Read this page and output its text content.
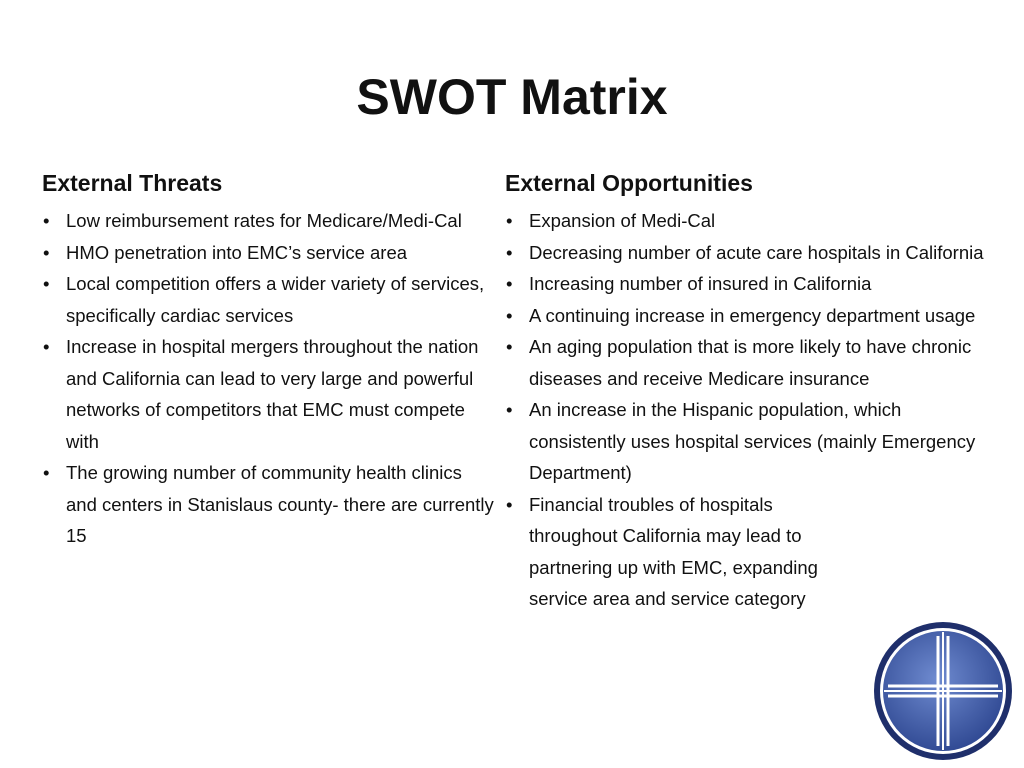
SWOT Matrix
External Threats
• Low reimbursement rates for Medicare/Medi-Cal
• HMO penetration into EMC’s service area
• Local competition offers a wider variety of services, specifically cardiac services
• Increase in hospital mergers throughout the nation and California can lead to very large and powerful networks of competitors that EMC must compete with
• The growing number of community health clinics and centers in Stanislaus county- there are currently 15
External Opportunities
• Expansion of Medi-Cal
• Decreasing number of acute care hospitals in California
• Increasing number of insured in California
• A continuing increase in emergency department usage
• An aging population that is more likely to have chronic diseases and receive Medicare insurance
• An increase in the Hispanic population, which consistently uses hospital services (mainly Emergency Department)
• Financial troubles of hospitals throughout California may lead to partnering up with EMC, expanding service area and service category
